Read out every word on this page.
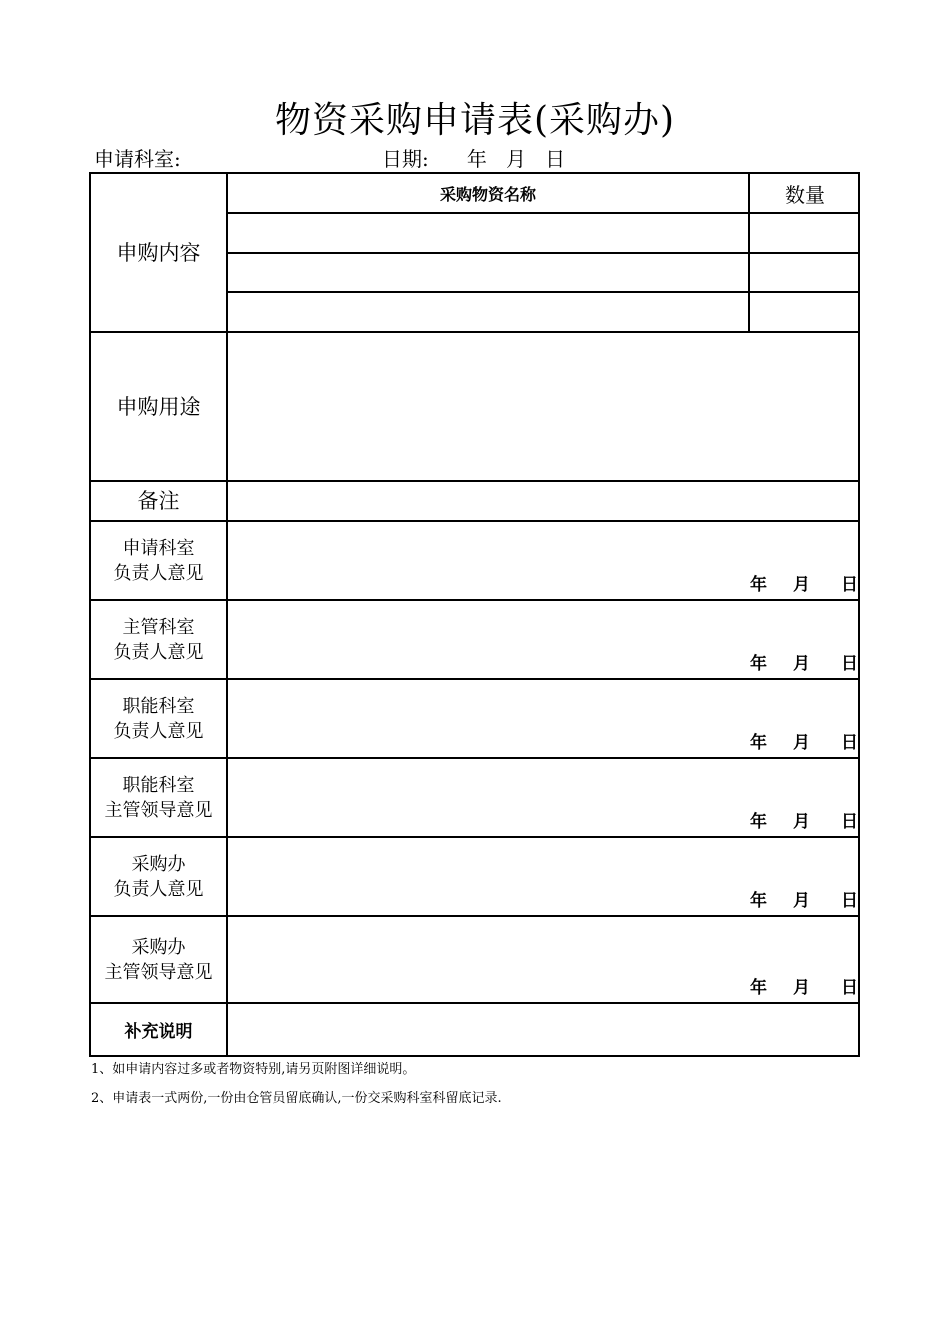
物资采购申请表(采购办)
申请科室:	日期: 年 月 日
申购内容
采购物资名称	数量
申购用途
备注
申请科室
负责人意见
年 月 日
主管科室
负责人意见
年 月 日
职能科室
负责人意见
年 月 日
职能科室
主管领导意见
年 月 日
采购办
负责人意见
年 月 日
采购办
主管领导意见
年 月 日
补充说明
1、如申请内容过多或者物资特别,请另页附图详细说明。
2、申请表一式两份,一份由仓管员留底确认,一份交采购科室科留底记录.
